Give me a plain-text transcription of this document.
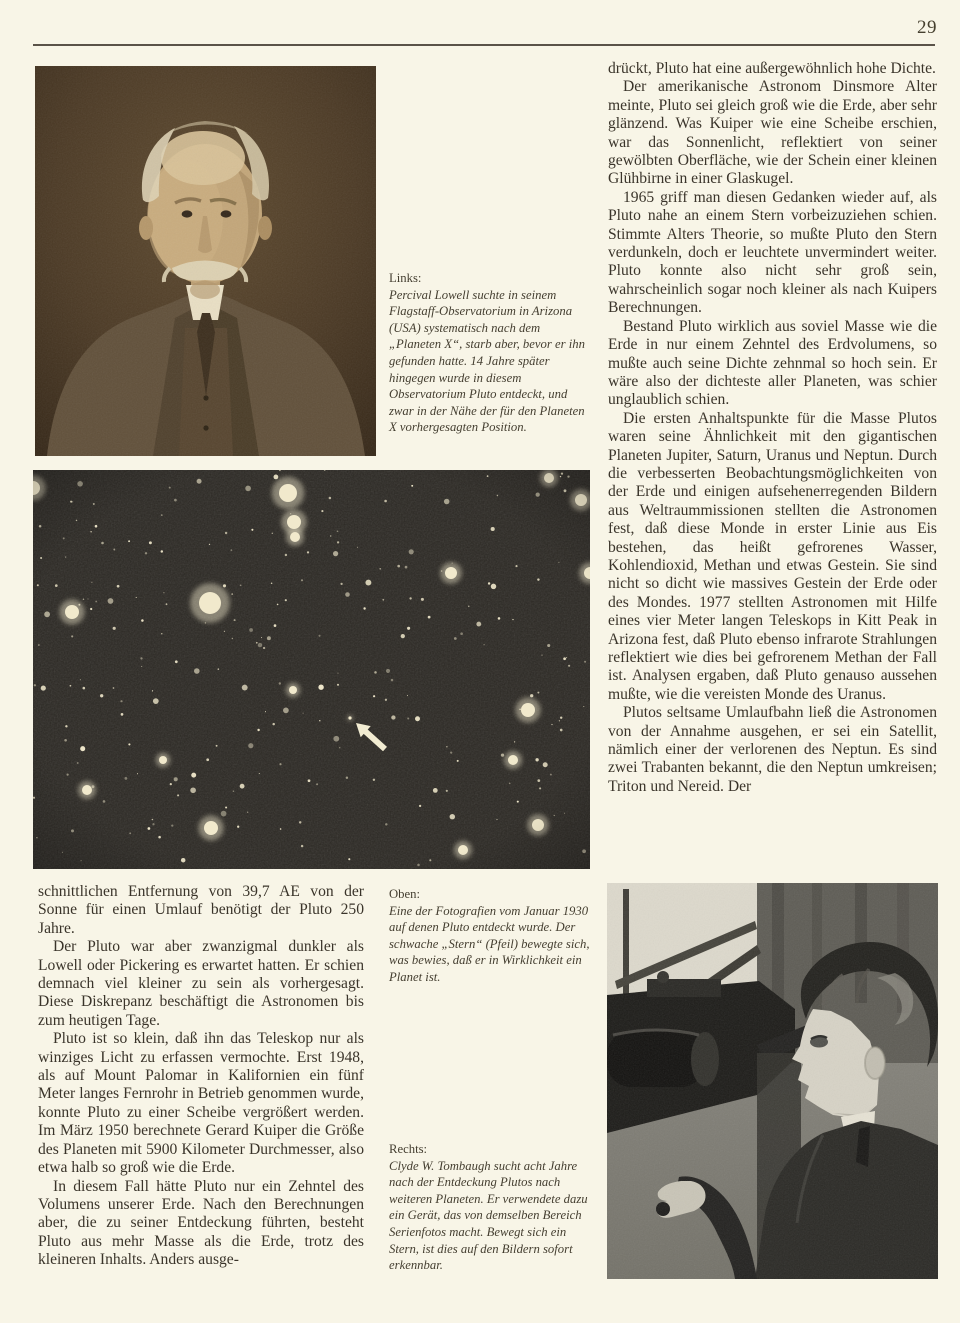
29
Links:
Percival Lowell suchte in seinem Flagstaff-Observatorium in Arizona (USA) systematisch nach dem „Planeten X“, starb aber, bevor er ihn gefunden hatte. 14 Jahre später hingegen wurde in diesem Observatorium Pluto entdeckt, und zwar in der Nähe der für den Planeten X vorhergesagten Position.

drückt, Pluto hat eine außergewöhnlich hohe Dichte.

Der amerikanische Astronom Dinsmore Alter meinte, Pluto sei gleich groß wie die Erde, aber sehr glänzend. Was Kuiper wie eine Scheibe erschien, war das Sonnenlicht, reflektiert von seiner gewölbten Oberfläche, wie der Schein einer kleinen Glühbirne in einer Glaskugel.

1965 griff man diesen Gedanken wieder auf, als Pluto nahe an einem Stern vorbeizuziehen schien. Stimmte Alters Theorie, so mußte Pluto den Stern verdunkeln, doch er leuchtete unvermindert weiter. Pluto konnte also nicht sehr groß sein, wahrscheinlich sogar noch kleiner als nach Kuipers Berechnungen.

Bestand Pluto wirklich aus soviel Masse wie die Erde in nur einem Zehntel des Erdvolumens, so mußte auch seine Dichte zehnmal so hoch sein. Er wäre also der dichteste aller Planeten, was schier unglaublich schien.

Die ersten Anhaltspunkte für die Masse Plutos waren seine Ähnlichkeit mit den gigantischen Planeten Jupiter, Saturn, Uranus und Neptun. Durch die verbesserten Beobachtungsmöglichkeiten von der Erde und einigen aufsehenerregenden Bildern aus Weltraummissionen stellten die Astronomen fest, daß diese Monde in erster Linie aus Eis bestehen, das heißt gefrorenes Wasser, Kohlendioxid, Methan und etwas Gestein. Sie sind nicht so dicht wie massives Gestein der Erde oder des Mondes. 1977 stellten Astronomen mit Hilfe eines vier Meter langen Teleskops in Kitt Peak in Arizona fest, daß Pluto ebenso infrarote Strahlungen reflektiert wie dies bei gefrorenem Methan der Fall ist. Analysen ergaben, daß Pluto genauso aussehen mußte, wie die vereisten Monde des Uranus.

Plutos seltsame Umlaufbahn ließ die Astronomen von der Annahme ausgehen, er sei ein Satellit, nämlich einer der verlorenen des Neptun. Es sind zwei Trabanten bekannt, die den Neptun umkreisen; Triton und Nereid. Der

schnittlichen Entfernung von 39,7 AE von der Sonne für einen Umlauf benötigt der Pluto 250 Jahre.

Der Pluto war aber zwanzigmal dunkler als Lowell oder Pickering es erwartet hatten. Er schien demnach viel kleiner zu sein als vorhergesagt. Diese Diskrepanz beschäftigt die Astronomen bis zum heutigen Tage.

Pluto ist so klein, daß ihn das Teleskop nur als winziges Licht zu erfassen vermochte. Erst 1948, als auf Mount Palomar in Kalifornien ein fünf Meter langes Fernrohr in Betrieb genommen wurde, konnte Pluto zu einer Scheibe vergrößert werden. Im März 1950 berechnete Gerard Kuiper die Größe des Planeten mit 5900 Kilometer Durchmesser, also etwa halb so groß wie die Erde.

In diesem Fall hätte Pluto nur ein Zehntel des Volumens unserer Erde. Nach den Berechnungen aber, die zu seiner Entdeckung führten, besteht Pluto aus mehr Masse als die Erde, trotz des kleineren Inhalts. Anders ausge-

Oben:
Eine der Fotografien vom Januar 1930 auf denen Pluto entdeckt wurde. Der schwache „Stern“ (Pfeil) bewegte sich, was bewies, daß er in Wirklichkeit ein Planet ist.
Rechts:
Clyde W. Tombaugh sucht acht Jahre nach der Entdeckung Plutos nach weiteren Planeten. Er verwendete dazu ein Gerät, das von demselben Bereich Serienfotos macht. Bewegt sich ein Stern, ist dies auf den Bildern sofort erkennbar.
